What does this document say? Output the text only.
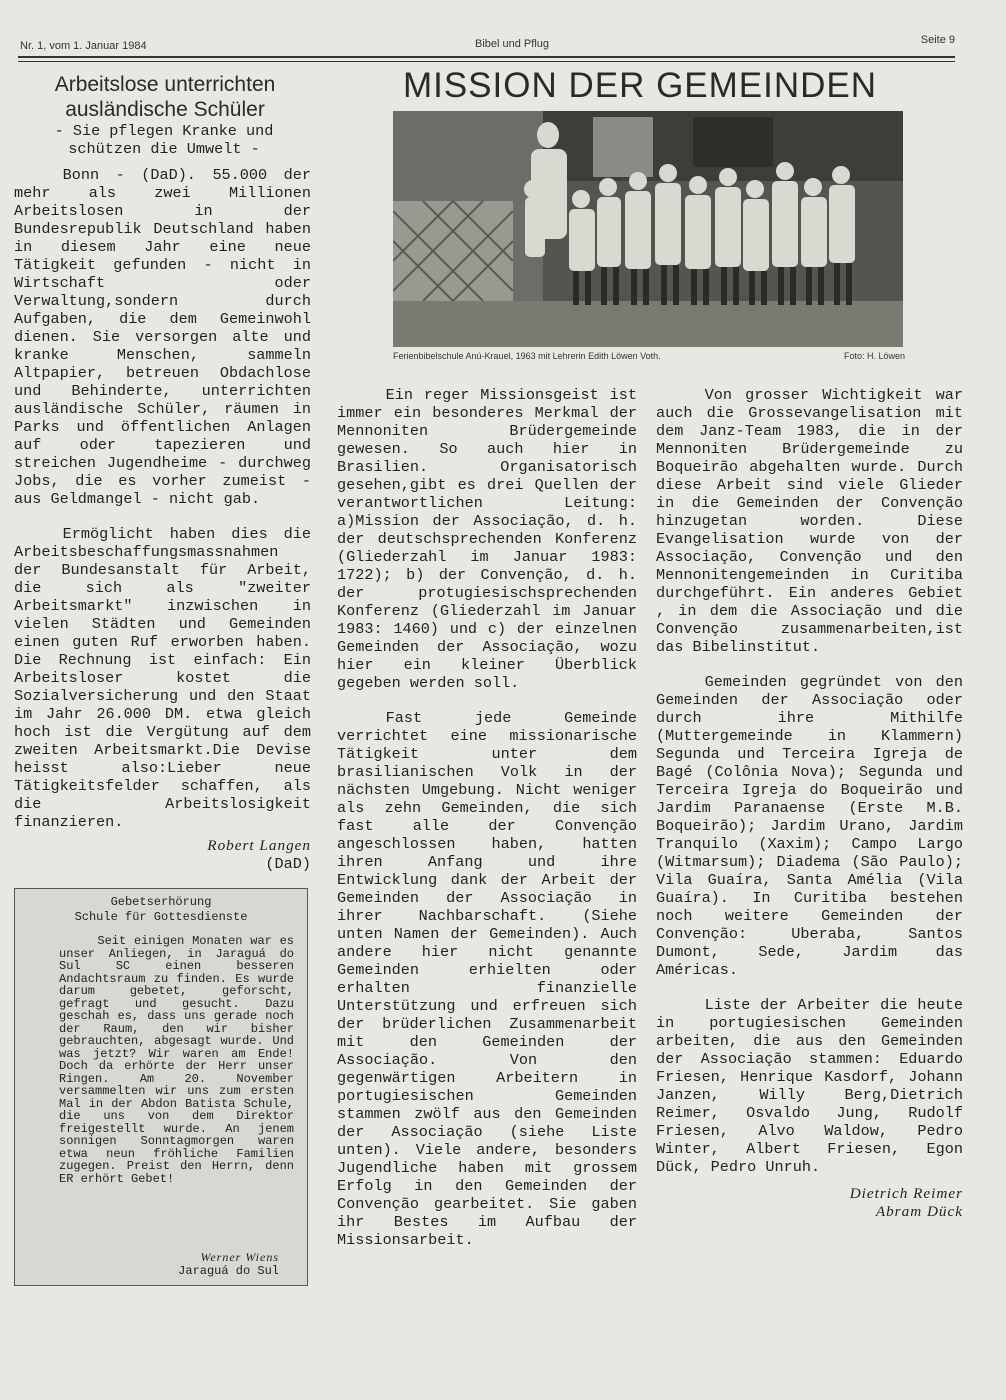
Nr. 1, vom 1. Januar 1984	Bibel und Pflug	Seite 9
Arbeitslose unterrichten ausländische Schüler
- Sie pflegen Kranke und schützen die Umwelt -

Bonn - (DaD). 55.000 der mehr als zwei Millionen Arbeitslosen in der Bundesrepublik Deutschland haben in diesem Jahr eine neue Tätigkeit gefunden - nicht in Wirtschaft oder Verwaltung,sondern durch Aufgaben, die dem Gemeinwohl dienen. Sie versorgen alte und kranke Menschen, sammeln Altpapier, betreuen Obdachlose und Behinderte, unterrichten ausländische Schüler, räumen in Parks und öffentlichen Anlagen auf oder tapezieren und streichen Jugendheime - durchweg Jobs, die es vorher zumeist - aus Geldmangel - nicht gab.

Ermöglicht haben dies die Arbeitsbeschaffungsmassnahmen der Bundesanstalt für Arbeit, die sich als "zweiter Arbeitsmarkt" inzwischen in vielen Städten und Gemeinden einen guten Ruf erworben haben. Die Rechnung ist einfach: Ein Arbeitsloser kostet die Sozialversicherung und den Staat im Jahr 26.000 DM. etwa gleich hoch ist die Vergütung auf dem zweiten Arbeitsmarkt.Die Devise heisst also:Lieber neue Tätigkeitsfelder schaffen, als die Arbeitslosigkeit finanzieren.

Robert Langen
(DaD)
Gebetserhörung
Schule für Gottesdienste

Seit einigen Monaten war es unser Anliegen, in Jaraguá do Sul SC einen besseren Andachtsraum zu finden. Es wurde darum gebetet, geforscht, gefragt und gesucht. Dazu geschah es, dass uns gerade noch der Raum, den wir bisher gebrauchten, abgesagt wurde. Und was jetzt? Wir waren am Ende! Doch da erhörte der Herr unser Ringen. Am 20. November versammelten wir uns zum ersten Mal in der Abdon Batista Schule, die uns von dem Direktor freigestellt wurde. An jenem sonnigen Sonntagmorgen waren etwa neun fröhliche Familien zugegen. Preist den Herrn, denn ER erhört Gebet!

Werner Wiens
Jaraguá do Sul
MISSION DER GEMEINDEN
Ferienbibelschule Anú-Krauel, 1963 mit Lehrerin Edith Löwen Voth.	Foto: H. Löwen

Ein reger Missionsgeist ist immer ein besonderes Merkmal der Mennoniten Brüdergemeinde gewesen. So auch hier in Brasilien. Organisatorisch gesehen,gibt es drei Quellen der verantwortlichen Leitung: a)Mission der Associação, d. h. der deutschsprechenden Konferenz (Gliederzahl im Januar 1983: 1722); b) der Convenção, d. h. der protugiesischsprechenden Konferenz (Gliederzahl im Januar 1983: 1460) und c) der einzelnen Gemeinden der Associação, wozu hier ein kleiner Überblick gegeben werden soll.

Fast jede Gemeinde verrichtet eine missionarische Tätigkeit unter dem brasilianischen Volk in der nächsten Umgebung. Nicht weniger als zehn Gemeinden, die sich fast alle der Convenção angeschlossen haben, hatten ihren Anfang und ihre Entwicklung dank der Arbeit der Gemeinden der Associação in ihrer Nachbarschaft. (Siehe unten Namen der Gemeinden). Auch andere hier nicht genannte Gemeinden erhielten oder erhalten finanzielle Unterstützung und erfreuen sich der brüderlichen Zusammenarbeit mit den Gemeinden der Associação. Von den gegenwärtigen Arbeitern in portugiesischen Gemeinden stammen zwölf aus den Gemeinden der Associação (siehe Liste unten). Viele andere, besonders Jugendliche haben mit grossem Erfolg in den Gemeinden der Convenção gearbeitet. Sie gaben ihr Bestes im Aufbau der Missionsarbeit.

Von grosser Wichtigkeit war auch die Grossevangelisation mit dem Janz-Team 1983, die in der Mennoniten Brüdergemeinde zu Boqueirão abgehalten wurde. Durch diese Arbeit sind viele Glieder in die Gemeinden der Convenção hinzugetan worden. Diese Evangelisation wurde von der Associação, Convenção und den Mennonitengemeinden in Curitiba durchgeführt. Ein anderes Gebiet , in dem die Associação und die Convenção zusammenarbeiten,ist das Bibelinstitut.

Gemeinden gegründet von den Gemeinden der Associação oder durch ihre Mithilfe (Muttergemeinde in Klammern) Segunda und Terceira Igreja de Bagé (Colônia Nova); Segunda und Terceira Igreja do Boqueirão und Jardim Paranaense (Erste M.B. Boqueirão); Jardim Urano, Jardim Tranquilo (Xaxim); Campo Largo (Witmarsum); Diadema (São Paulo); Vila Guaíra, Santa Amélia (Vila Guaíra). In Curitiba bestehen noch weitere Gemeinden der Convenção: Uberaba, Santos Dumont, Sede, Jardim das Américas.

Liste der Arbeiter die heute in portugiesischen Gemeinden arbeiten, die aus den Gemeinden der Associação stammen: Eduardo Friesen, Henrique Kasdorf, Johann Janzen, Willy Berg,Dietrich Reimer, Osvaldo Jung, Rudolf Friesen, Alvo Waldow, Pedro Winter, Albert Friesen, Egon Dück, Pedro Unruh.

Dietrich Reimer
Abram Dück
